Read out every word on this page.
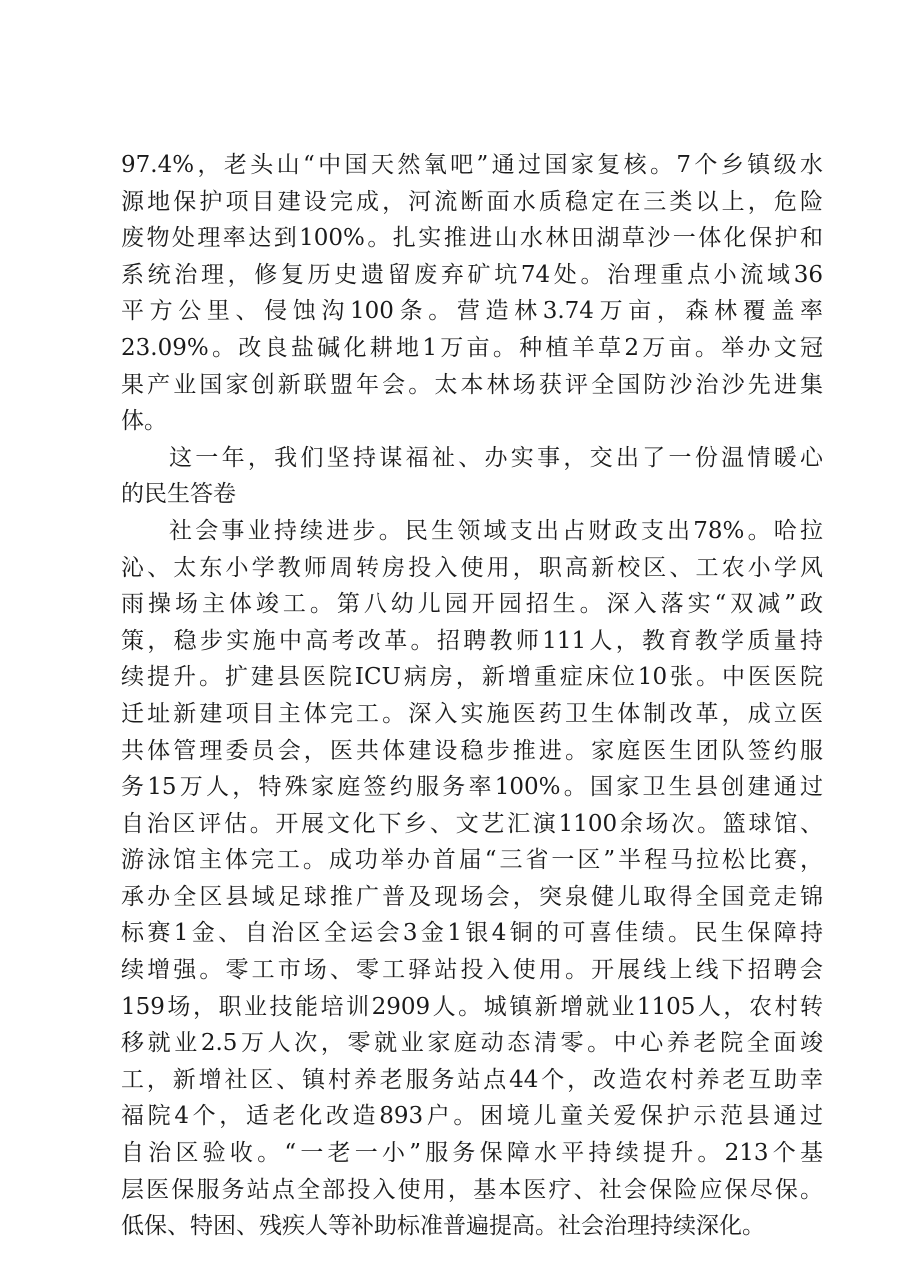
97.4%，老头山“中国天然氧吧”通过国家复核。7个乡镇级水
源地保护项目建设完成，河流断面水质稳定在三类以上，危险
废物处理率达到100%。扎实推进山水林田湖草沙一体化保护和
系统治理，修复历史遗留废弃矿坑74处。治理重点小流域36
平方公里、侵蚀沟100条。营造林3.74万亩，森林覆盖率
23.09%。改良盐碱化耕地1万亩。种植羊草2万亩。举办文冠
果产业国家创新联盟年会。太本林场获评全国防沙治沙先进集
体。
这一年，我们坚持谋福祉、办实事，交出了一份温情暖心
的民生答卷
社会事业持续进步。民生领域支出占财政支出78%。哈拉
沁、太东小学教师周转房投入使用，职高新校区、工农小学风
雨操场主体竣工。第八幼儿园开园招生。深入落实“双减”政
策，稳步实施中高考改革。招聘教师111人，教育教学质量持
续提升。扩建县医院ICU病房，新增重症床位10张。中医医院
迁址新建项目主体完工。深入实施医药卫生体制改革，成立医
共体管理委员会，医共体建设稳步推进。家庭医生团队签约服
务15万人，特殊家庭签约服务率100%。国家卫生县创建通过
自治区评估。开展文化下乡、文艺汇演1100余场次。篮球馆、
游泳馆主体完工。成功举办首届“三省一区”半程马拉松比赛，
承办全区县域足球推广普及现场会，突泉健儿取得全国竞走锦
标赛1金、自治区全运会3金1银4铜的可喜佳绩。民生保障持
续增强。零工市场、零工驿站投入使用。开展线上线下招聘会
159场，职业技能培训2909人。城镇新增就业1105人，农村转
移就业2.5万人次，零就业家庭动态清零。中心养老院全面竣
工，新增社区、镇村养老服务站点44个，改造农村养老互助幸
福院4个，适老化改造893户。困境儿童关爱保护示范县通过
自治区验收。“一老一小”服务保障水平持续提升。213个基
层医保服务站点全部投入使用，基本医疗、社会保险应保尽保。
低保、特困、残疾人等补助标准普遍提高。社会治理持续深化。
